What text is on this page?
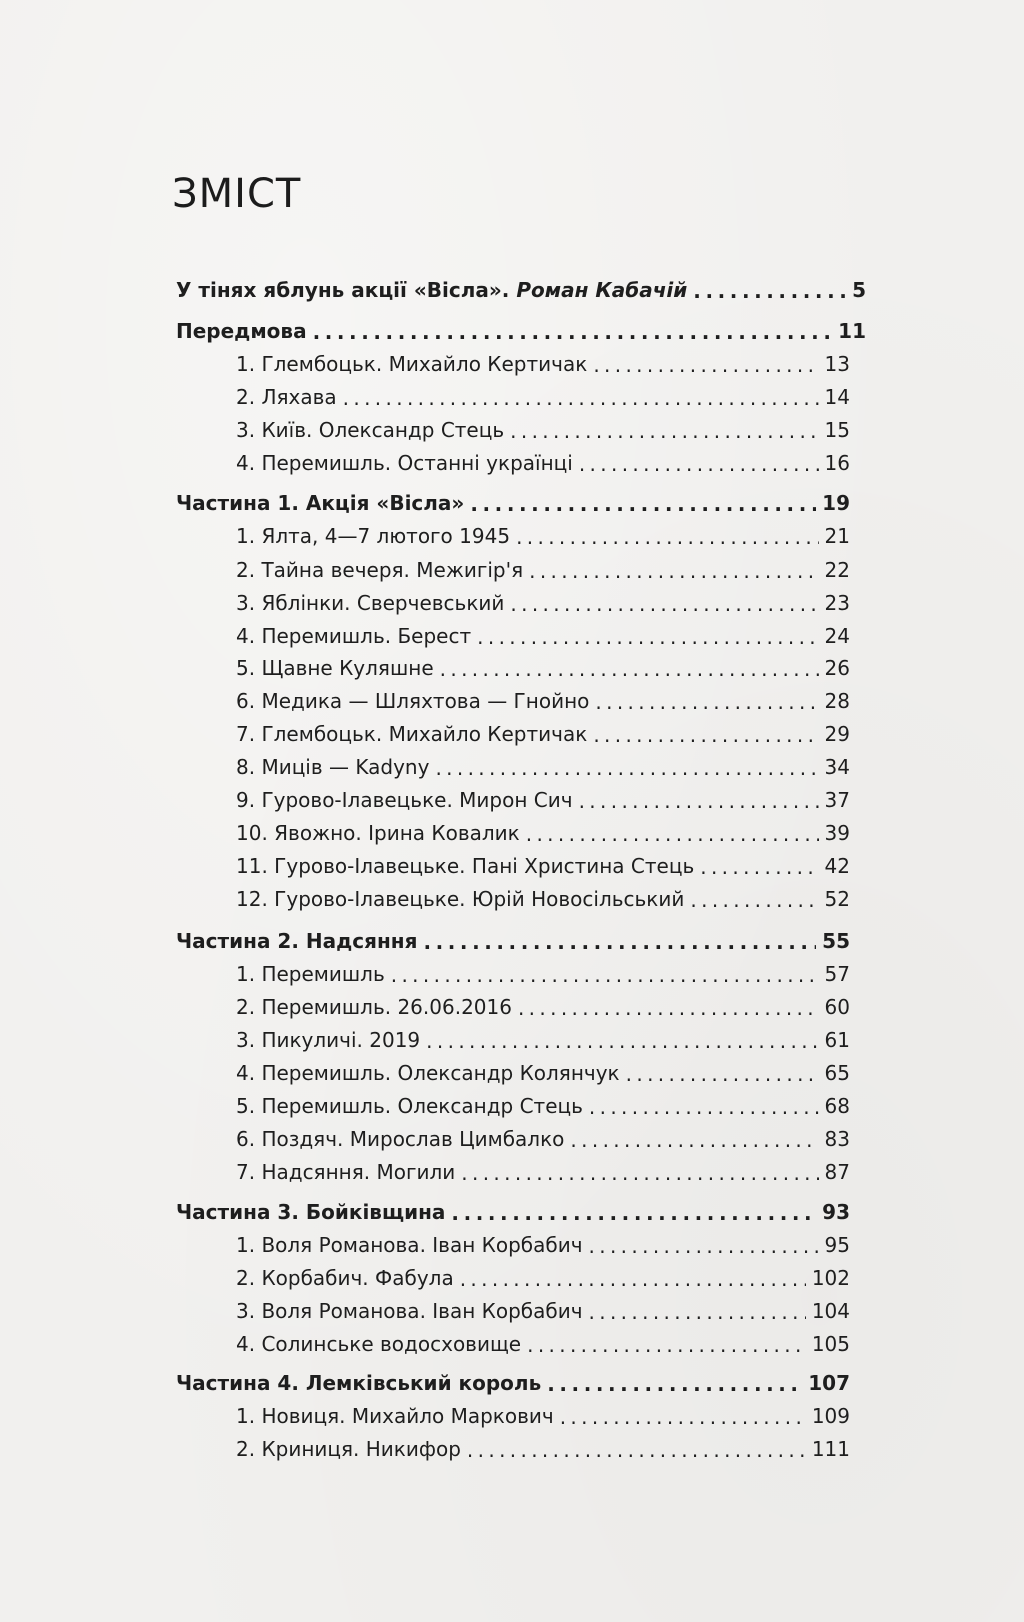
ЗМІСТ
У тінях яблунь акції «Вісла». Роман Кабачій . . .	5
Передмова . . .	11
1. Глембоцьк. Михайло Кертичак . . .	13
2. Ляхава . . .	14
3. Київ. Олександр Стець . . .	15
4. Перемишль. Останні українці . . .	16
Частина 1. Акція «Вісла» . . .	19
1. Ялта, 4—7 лютого 1945 . . .	21
2. Тайна вечеря. Межигір'я . . .	22
3. Яблінки. Сверчевський . . .	23
4. Перемишль. Берест . . .	24
5. Щавне Куляшне . . .	26
6. Медика — Шляхтова — Гнойно . . .	28
7. Глембоцьк. Михайло Кертичак . . .	29
8. Миців — Kadyny . . .	34
9. Гурово-Ілавецьке. Мирон Сич . . .	37
10. Явожно. Ірина Ковалик . . .	39
11. Гурово-Ілавецьке. Пані Христина Стець . . .	42
12. Гурово-Ілавецьке. Юрій Новосільський . . .	52
Частина 2. Надсяння . . .	55
1. Перемишль . . .	57
2. Перемишль. 26.06.2016 . . .	60
3. Пикуличі. 2019 . . .	61
4. Перемишль. Олександр Колянчук . . .	65
5. Перемишль. Олександр Стець . . .	68
6. Поздяч. Мирослав Цимбалко . . .	83
7. Надсяння. Могили . . .	87
Частина 3. Бойківщина . . .	93
1. Воля Романова. Іван Корбабич . . .	95
2. Корбабич. Фабула . . .	102
3. Воля Романова. Іван Корбабич . . .	104
4. Солинське водосховище . . .	105
Частина 4. Лемківський король . . .	107
1. Новиця. Михайло Маркович . . .	109
2. Криниця. Никифор . . .	111
